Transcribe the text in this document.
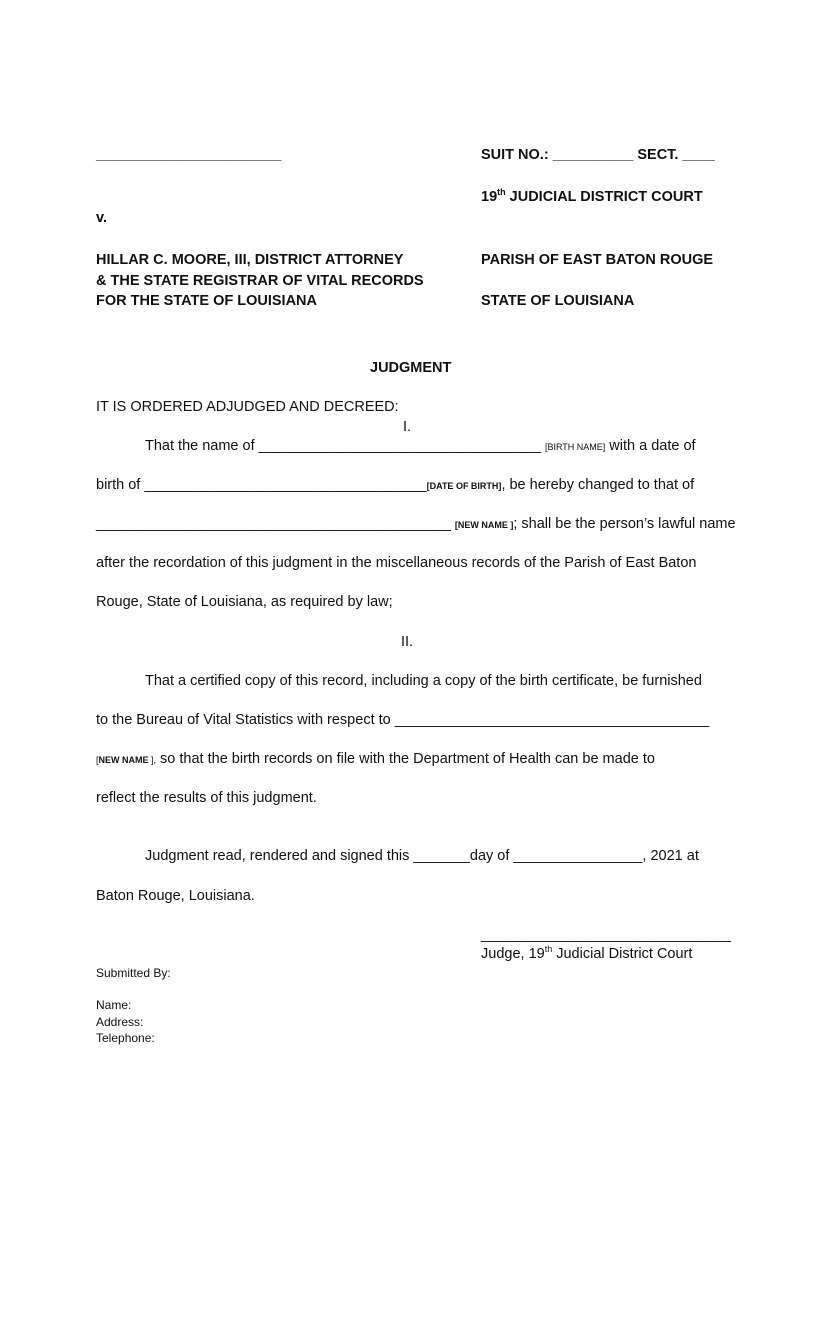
_______________________	SUIT NO.: __________ SECT. ____
19th JUDICIAL DISTRICT COURT
v.
HILLAR C. MOORE, III, DISTRICT ATTORNEY
& THE STATE REGISTRAR OF VITAL RECORDS
FOR THE STATE OF LOUISIANA
PARISH OF EAST BATON ROUGE
STATE OF LOUISIANA
JUDGMENT
IT IS ORDERED ADJUDGED AND DECREED:
I.
That the name of ___________________________________ [BIRTH NAME] with a date of
birth of ___________________________________[DATE OF BIRTH], be hereby changed to that of
____________________________________________ [NEW NAME ]; shall be the person’s lawful name
after the recordation of this judgment in the miscellaneous records of the Parish of East Baton
Rouge, State of Louisiana, as required by law;
II.
That a certified copy of this record, including a copy of the birth certificate, be furnished
to the Bureau of Vital Statistics with respect to _______________________________________
[NEW NAME ], so that the birth records on file with the Department of Health can be made to
reflect the results of this judgment.
Judgment read, rendered and signed this _______day of ________________, 2021 at
Baton Rouge, Louisiana.
_______________________________
Judge, 19th Judicial District Court
Submitted By:
Name:
Address:
Telephone:
